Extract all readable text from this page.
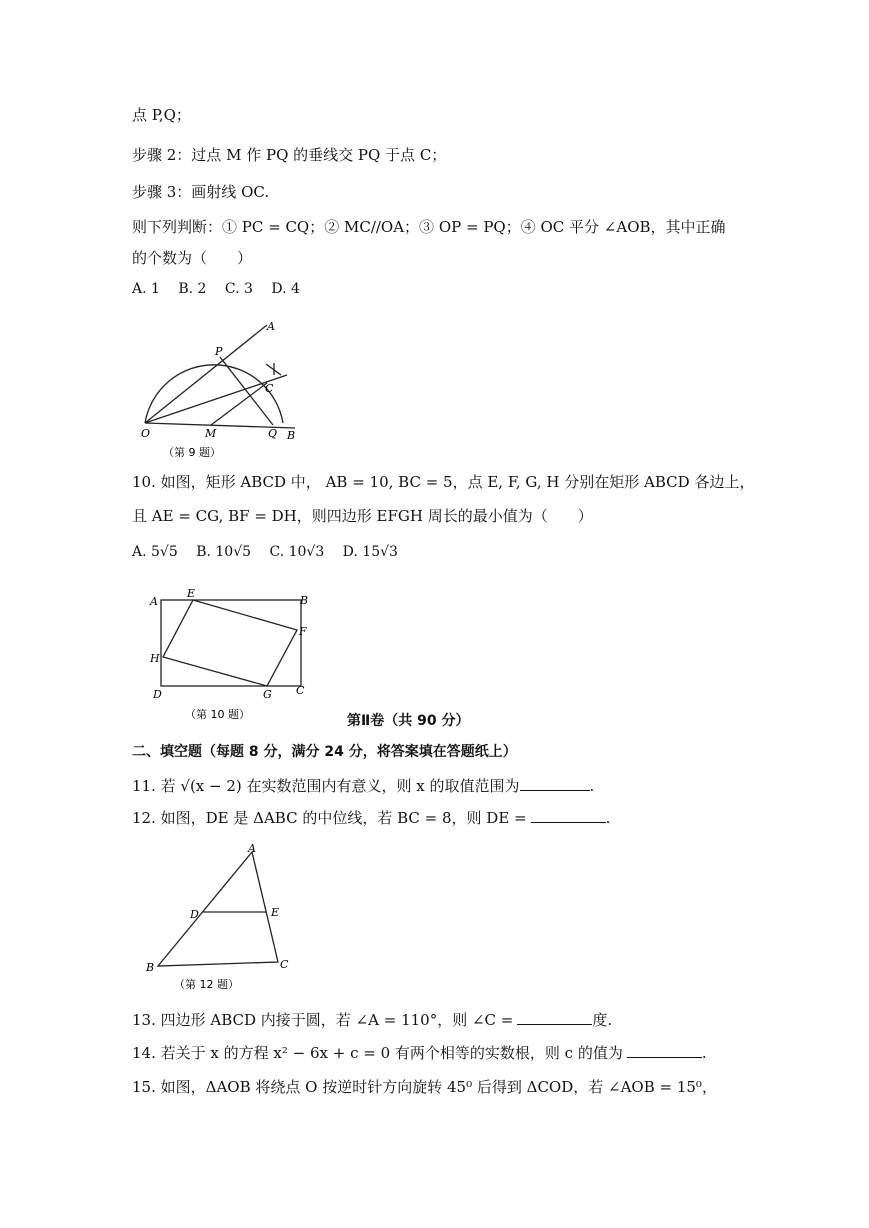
点 P,Q；
步骤 2：过点 M 作 PQ 的垂线交 PQ 于点 C；
步骤 3：画射线 OC.
则下列判断：① PC = CQ；② MC//OA；③ OP = PQ；④ OC 平分 ∠AOB，其中正确
的个数为（　　）
A. 1　 B. 2　 C. 3　 D. 4
A
P
C
O	M	Q B
（第 9 题）
10. 如图，矩形 ABCD 中， AB = 10, BC = 5，点 E, F, G, H 分别在矩形 ABCD 各边上，
且 AE = CG, BF = DH，则四边形 EFGH 周长的最小值为（　　）
A. 5√5　 B. 10√5　 C. 10√3　 D. 15√3
A
E
B
F
H
D	G C
（第 10 题）	第Ⅱ卷（共 90 分）
二、填空题（每题 8 分，满分 24 分，将答案填在答题纸上）
11. 若 √(x − 2) 在实数范围内有意义，则 x 的取值范围为	.
12. 如图，DE 是 ΔABC 的中位线，若 BC = 8，则 DE =	.
A
D	E
B	C
（第 12 题）
13. 四边形 ABCD 内接于圆，若 ∠A = 110°，则 ∠C =	度.
14. 若关于 x 的方程 x² − 6x + c = 0 有两个相等的实数根，则 c 的值为	.
15. 如图，ΔAOB 将绕点 O 按逆时针方向旋转 45⁰ 后得到 ΔCOD，若 ∠AOB = 15⁰，
